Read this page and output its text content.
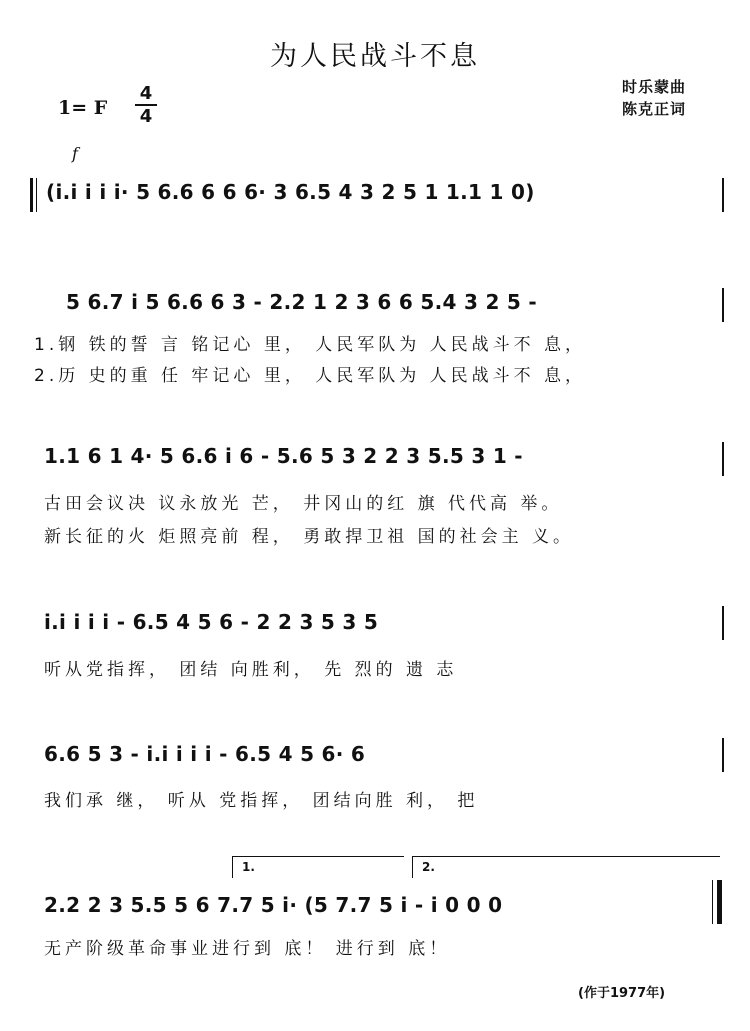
为人民战斗不息
时乐蒙曲
陈克正词
1= F
4
4
f
(i.i i i i· 5 6.6 6 6 6· 3 6.5 4 3 2 5 1 1.1 1 0)
5 6.7 i 5 6.6 6 3 - 2.2 1 2 3 6 6 5.4 3 2 5 -
1.钢 铁的誓 言 铭记心 里， 人民军队为 人民战斗不 息，
2.历 史的重 任 牢记心 里， 人民军队为 人民战斗不 息，
1.1 6 1 4· 5 6.6 i 6 - 5.6 5 3 2 2 3 5.5 3 1 -
古田会议决 议永放光 芒， 井冈山的红 旗 代代高 举。
新长征的火 炬照亮前 程， 勇敢捍卫祖 国的社会主 义。
i.i i i i - 6.5 4 5 6 - 2 2 3 5 3 5
听从党指挥， 团结 向胜利， 先 烈的 遗 志
6.6 5 3 - i.i i i i - 6.5 4 5 6· 6
我们承 继， 听从 党指挥， 团结向胜 利， 把
1.	2.
2.2 2 3 5.5 5 6 7.7 5 i· (5 7.7 5 i - i 0 0 0
无产阶级革命事业进行到 底！ 进行到 底！
(作于1977年)
